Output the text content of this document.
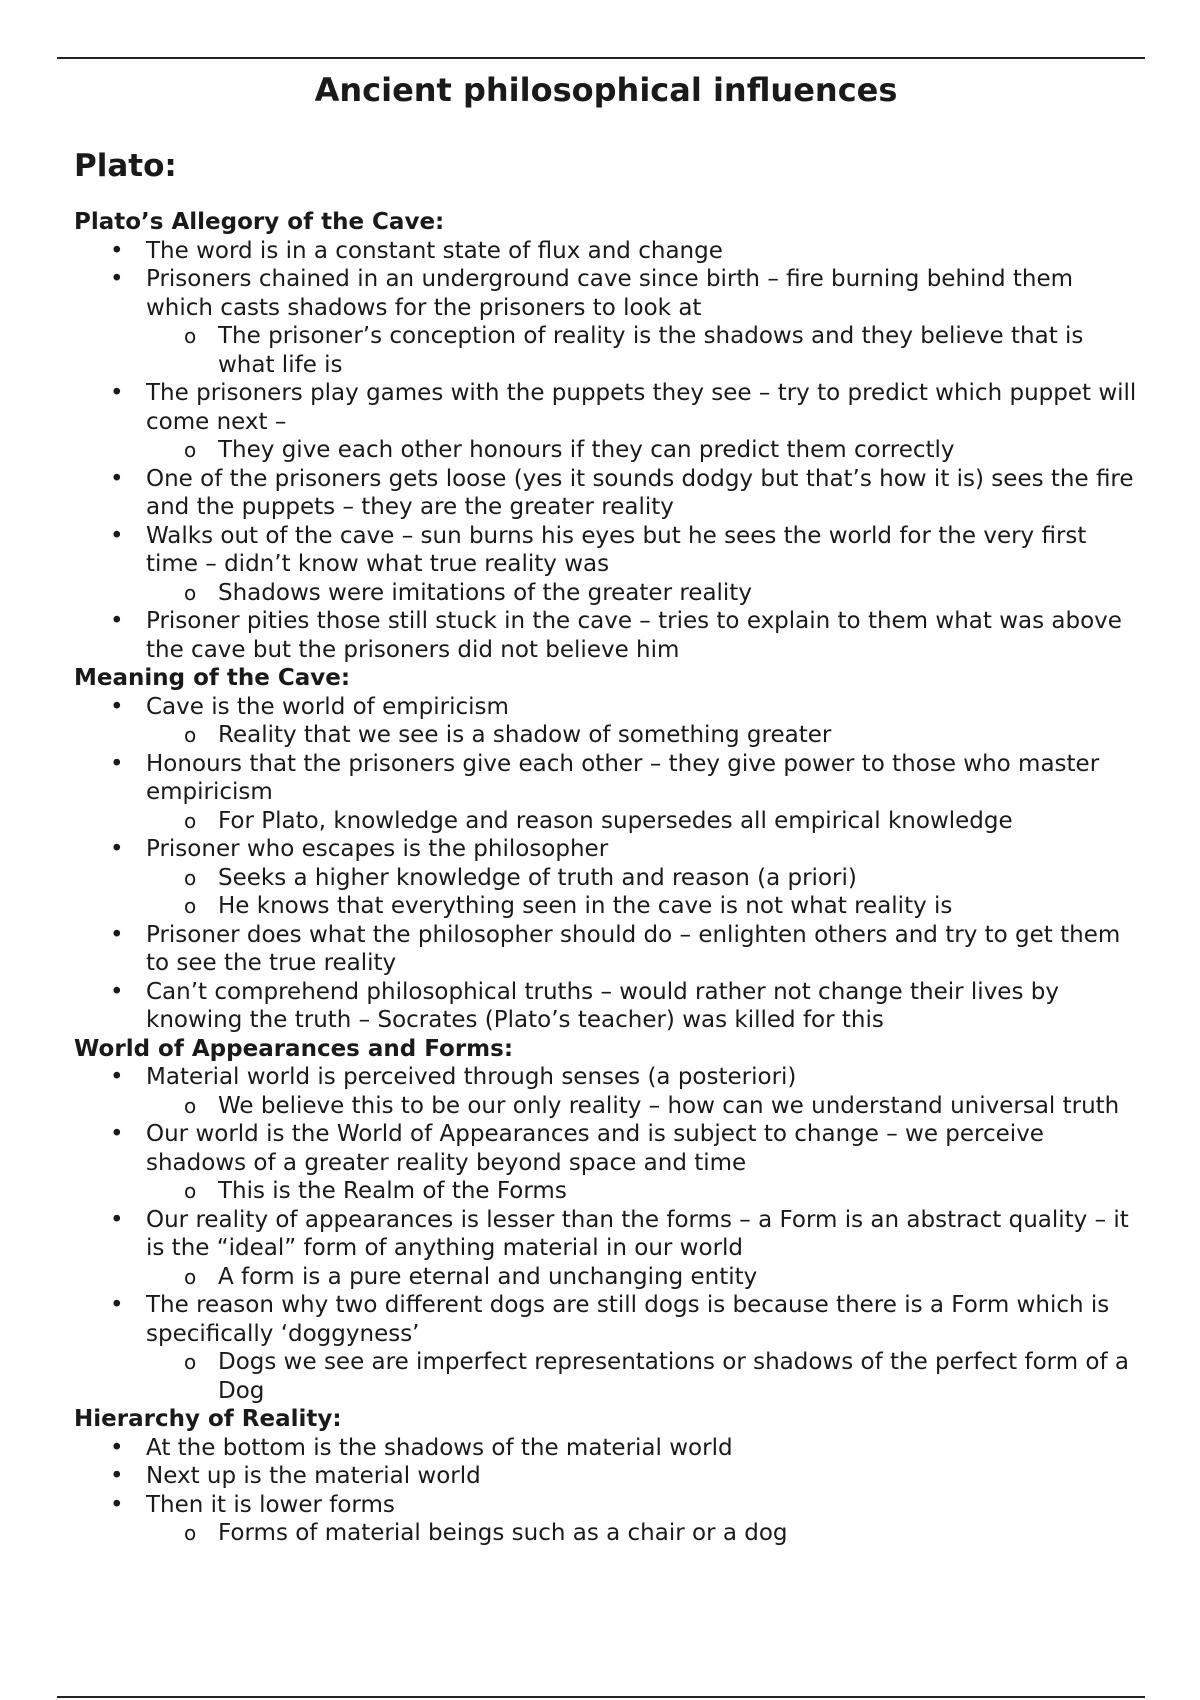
Ancient philosophical influences
Plato:
Plato’s Allegory of the Cave:
• The word is in a constant state of flux and change
• Prisoners chained in an underground cave since birth – fire burning behind them which casts shadows for the prisoners to look at
o The prisoner’s conception of reality is the shadows and they believe that is what life is
• The prisoners play games with the puppets they see – try to predict which puppet will come next –
o They give each other honours if they can predict them correctly
• One of the prisoners gets loose (yes it sounds dodgy but that’s how it is) sees the fire and the puppets – they are the greater reality
• Walks out of the cave – sun burns his eyes but he sees the world for the very first time – didn’t know what true reality was
o Shadows were imitations of the greater reality
• Prisoner pities those still stuck in the cave – tries to explain to them what was above the cave but the prisoners did not believe him
Meaning of the Cave:
• Cave is the world of empiricism
o Reality that we see is a shadow of something greater
• Honours that the prisoners give each other – they give power to those who master empiricism
o For Plato, knowledge and reason supersedes all empirical knowledge
• Prisoner who escapes is the philosopher
o Seeks a higher knowledge of truth and reason (a priori)
o He knows that everything seen in the cave is not what reality is
• Prisoner does what the philosopher should do – enlighten others and try to get them to see the true reality
• Can’t comprehend philosophical truths – would rather not change their lives by knowing the truth – Socrates (Plato’s teacher) was killed for this
World of Appearances and Forms:
• Material world is perceived through senses (a posteriori)
o We believe this to be our only reality – how can we understand universal truth
• Our world is the World of Appearances and is subject to change – we perceive shadows of a greater reality beyond space and time
o This is the Realm of the Forms
• Our reality of appearances is lesser than the forms – a Form is an abstract quality – it is the “ideal” form of anything material in our world
o A form is a pure eternal and unchanging entity
• The reason why two different dogs are still dogs is because there is a Form which is specifically ‘doggyness’
o Dogs we see are imperfect representations or shadows of the perfect form of a Dog
Hierarchy of Reality:
• At the bottom is the shadows of the material world
• Next up is the material world
• Then it is lower forms
o Forms of material beings such as a chair or a dog
